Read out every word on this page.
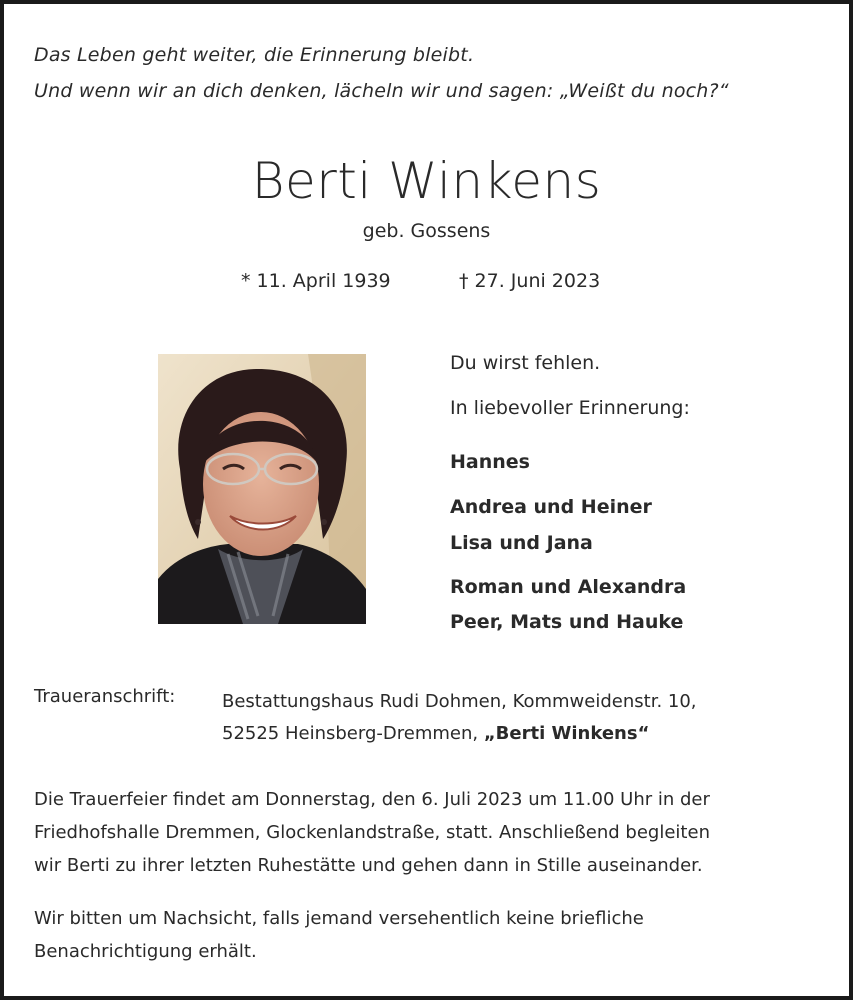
Das Leben geht weiter, die Erinnerung bleibt.
Und wenn wir an dich denken, lächeln wir und sagen: „Weißt du noch?“
Berti Winkens
geb. Gossens
* 11. April 1939	† 27. Juni 2023
Du wirst fehlen.
In liebevoller Erinnerung:
Hannes
Andrea und Heiner
Lisa und Jana
Roman und Alexandra
Peer, Mats und Hauke
Traueranschrift:	Bestattungshaus Rudi Dohmen, Kommweidenstr. 10,
52525 Heinsberg-Dremmen, „Berti Winkens“
Die Trauerfeier findet am Donnerstag, den 6. Juli 2023 um 11.00 Uhr in der
Friedhofshalle Dremmen, Glockenlandstraße, statt. Anschließend begleiten
wir Berti zu ihrer letzten Ruhestätte und gehen dann in Stille auseinander.
Wir bitten um Nachsicht, falls jemand versehentlich keine briefliche
Benachrichtigung erhält.
